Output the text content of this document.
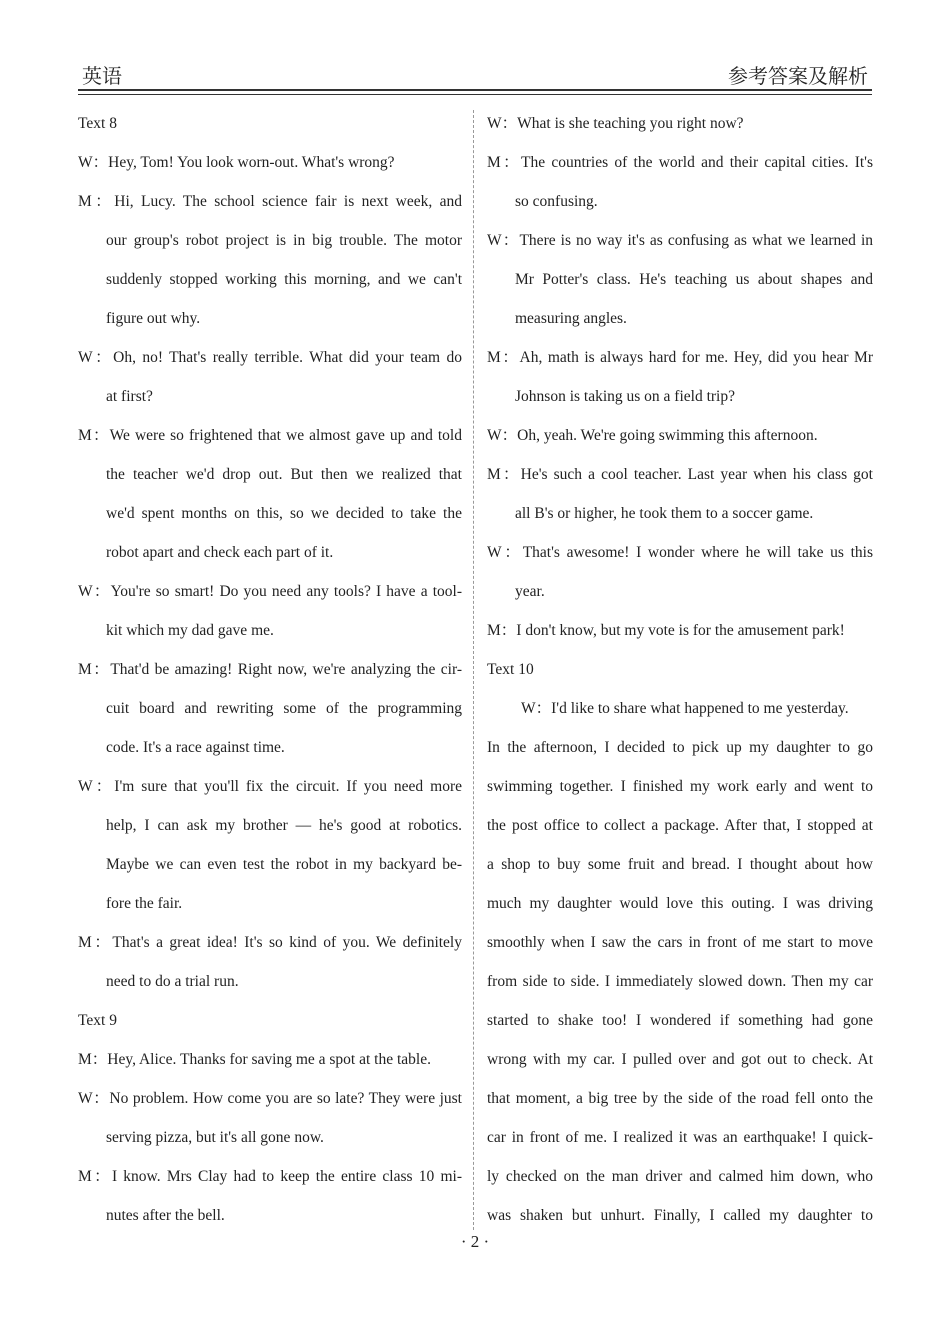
英语	参考答案及解析
Text 8
W：Hey, Tom! You look worn-out. What's wrong?
M：Hi, Lucy. The school science fair is next week, and
our group's robot project is in big trouble. The motor
suddenly stopped working this morning, and we can't
figure out why.
W：Oh, no! That's really terrible. What did your team do
at first?
M：We were so frightened that we almost gave up and told
the teacher we'd drop out. But then we realized that
we'd spent months on this, so we decided to take the
robot apart and check each part of it.
W：You're so smart! Do you need any tools? I have a tool-
kit which my dad gave me.
M：That'd be amazing! Right now, we're analyzing the cir-
cuit board and rewriting some of the programming
code. It's a race against time.
W：I'm sure that you'll fix the circuit. If you need more
help, I can ask my brother — he's good at robotics.
Maybe we can even test the robot in my backyard be-
fore the fair.
M：That's a great idea! It's so kind of you. We definitely
need to do a trial run.
Text 9
M：Hey, Alice. Thanks for saving me a spot at the table.
W：No problem. How come you are so late? They were just
serving pizza, but it's all gone now.
M：I know. Mrs Clay had to keep the entire class 10 mi-
nutes after the bell.
W：What is she teaching you right now?
M：The countries of the world and their capital cities. It's
so confusing.
W：There is no way it's as confusing as what we learned in
Mr Potter's class. He's teaching us about shapes and
measuring angles.
M：Ah, math is always hard for me. Hey, did you hear Mr
Johnson is taking us on a field trip?
W：Oh, yeah. We're going swimming this afternoon.
M：He's such a cool teacher. Last year when his class got
all B's or higher, he took them to a soccer game.
W：That's awesome! I wonder where he will take us this
year.
M：I don't know, but my vote is for the amusement park!
Text 10
W：I'd like to share what happened to me yesterday.
In the afternoon, I decided to pick up my daughter to go
swimming together. I finished my work early and went to
the post office to collect a package. After that, I stopped at
a shop to buy some fruit and bread. I thought about how
much my daughter would love this outing. I was driving
smoothly when I saw the cars in front of me start to move
from side to side. I immediately slowed down. Then my car
started to shake too! I wondered if something had gone
wrong with my car. I pulled over and got out to check. At
that moment, a big tree by the side of the road fell onto the
car in front of me. I realized it was an earthquake! I quick-
ly checked on the man driver and calmed him down, who
was shaken but unhurt. Finally, I called my daughter to
· 2 ·
